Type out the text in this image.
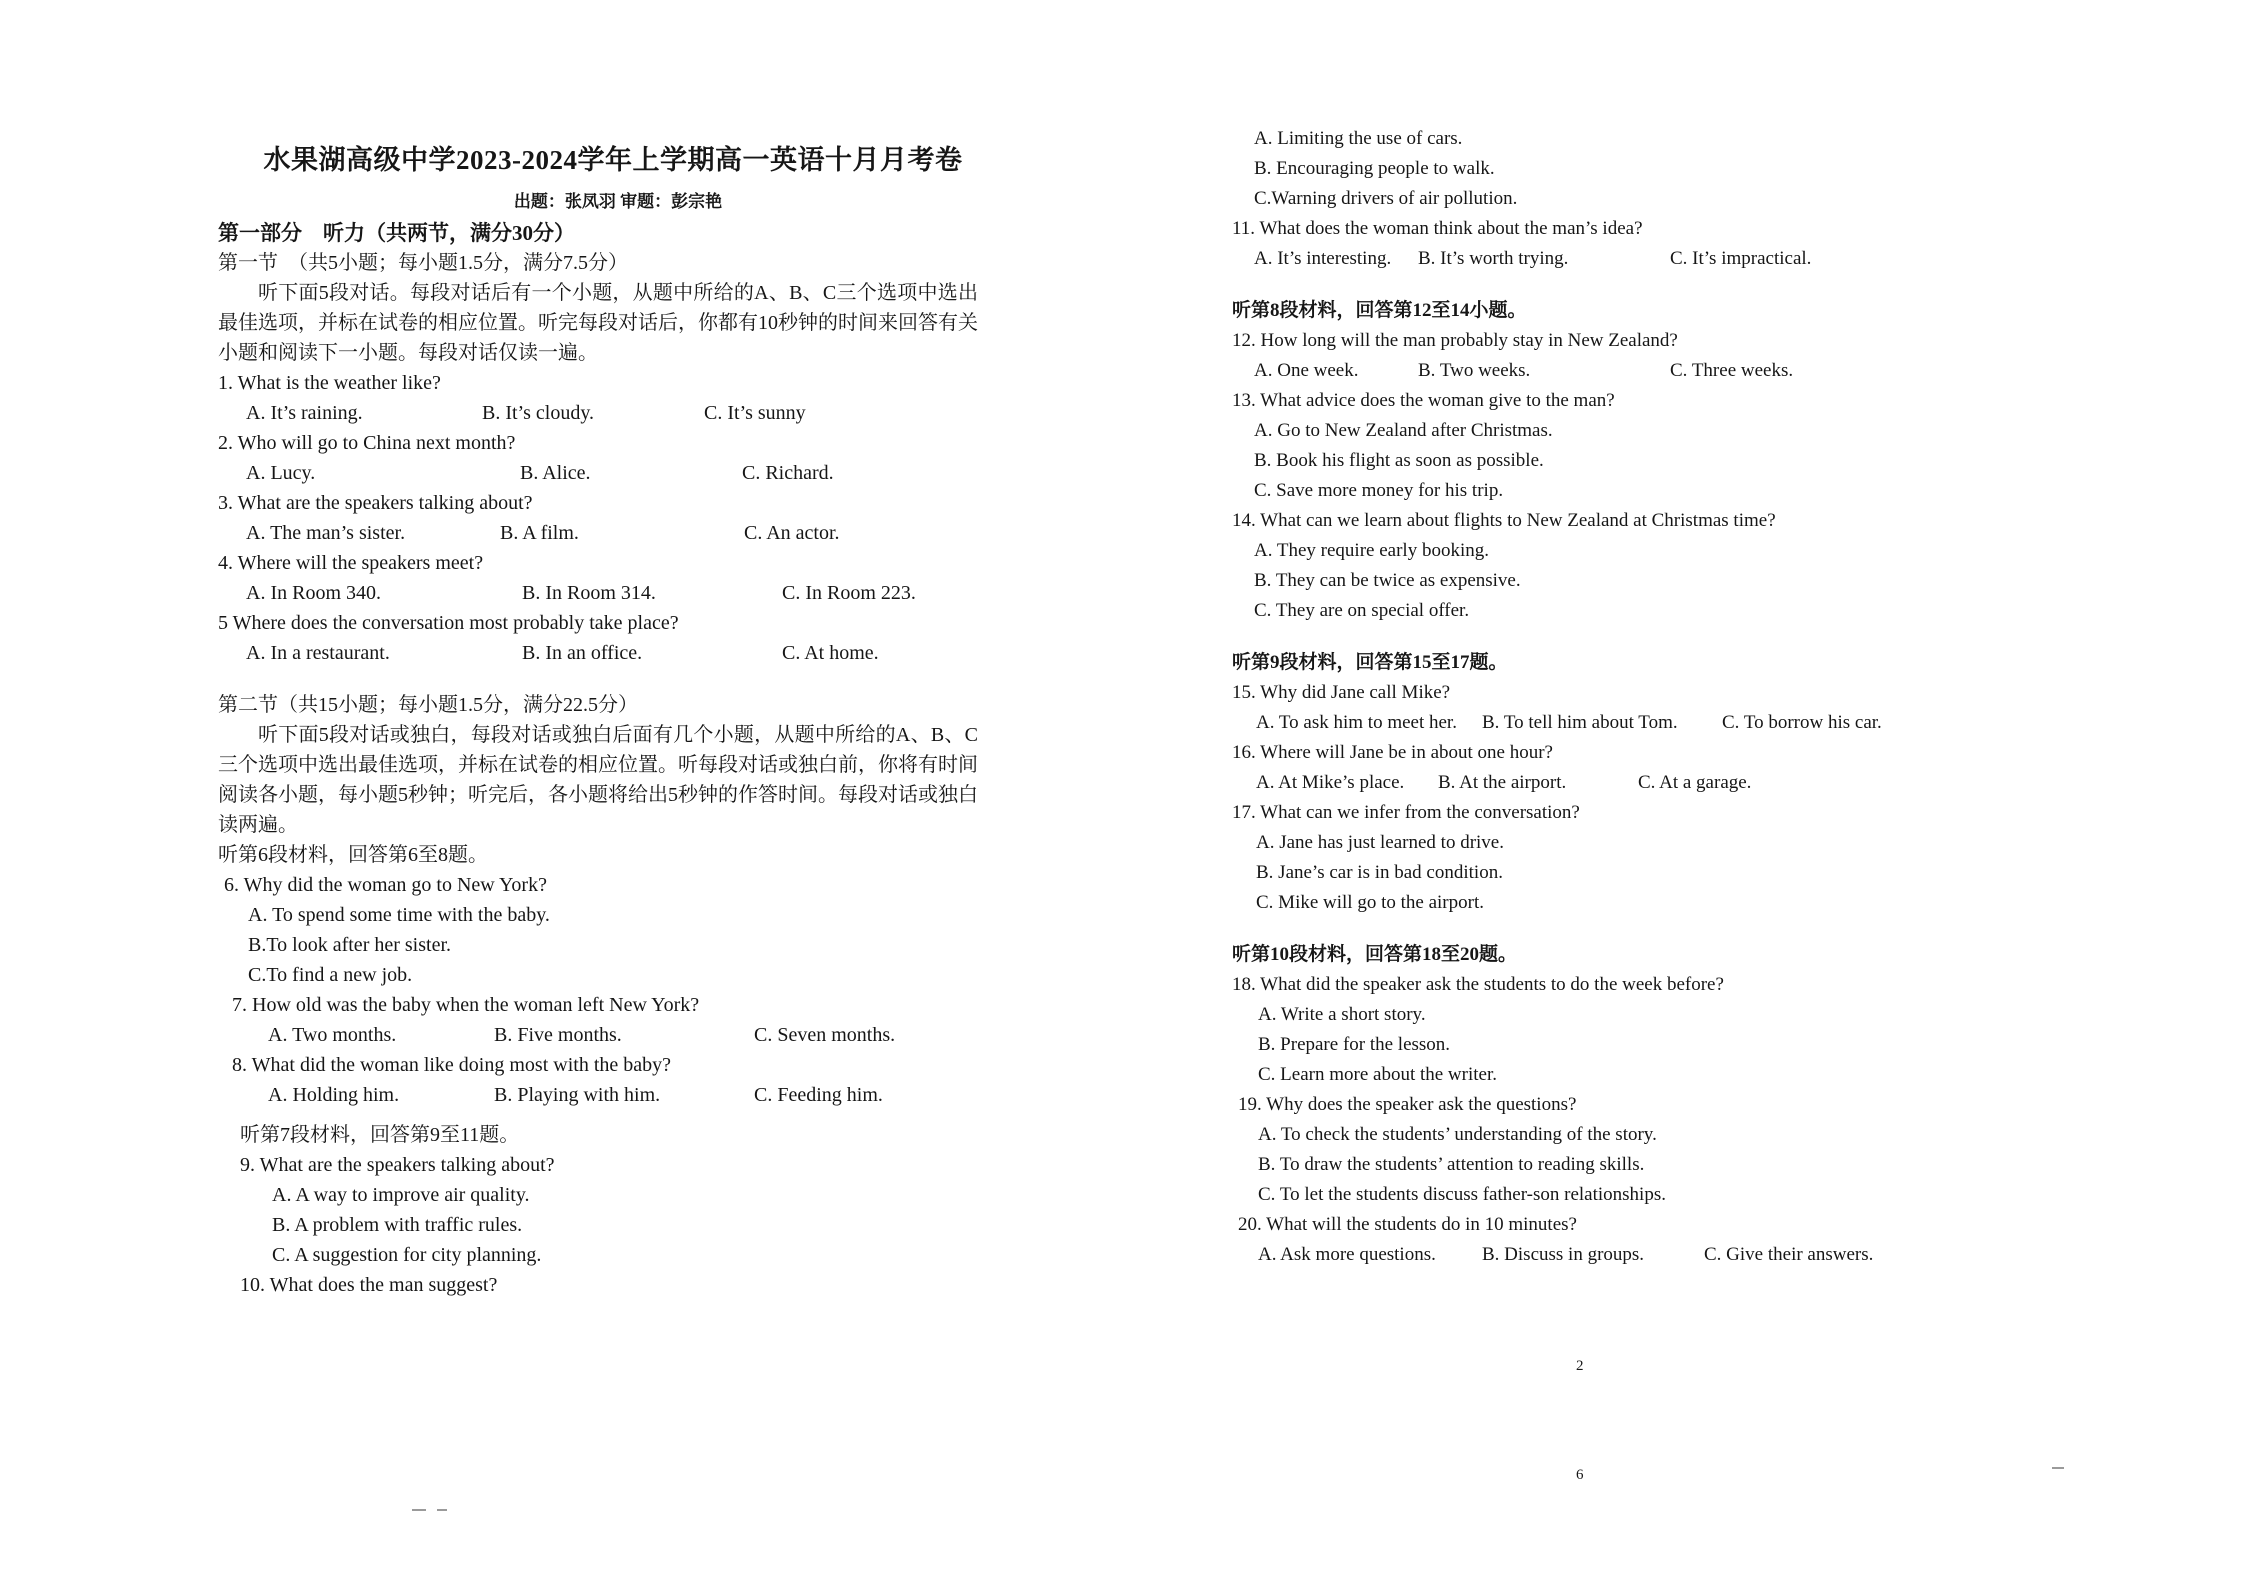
水果湖高级中学2023-2024学年上学期高一英语十月月考卷
出题：张凤羽 审题：彭宗艳
第一部分　听力（共两节，满分30分）
第一节　（共5小题；每小题1.5分，满分7.5分）
听下面5段对话。每段对话后有一个小题，从题中所给的A、B、C三个选项中选出最佳选项，并标在试卷的相应位置。听完每段对话后，你都有10秒钟的时间来回答有关小题和阅读下一小题。每段对话仅读一遍。
1. What is the weather like?
A. It’s raining.	B. It’s cloudy.	C. It’s sunny
2. Who will go to China next month?
A. Lucy.	B. Alice.	C. Richard.
3. What are the speakers talking about?
A. The man’s sister.	B. A film.	C. An actor.
4. Where will the speakers meet?
A. In Room 340.	B. In Room 314.	C. In Room 223.
5 Where does the conversation most probably take place?
A. In a restaurant.	B. In an office.	C. At home.
第二节（共15小题；每小题1.5分，满分22.5分）
听下面5段对话或独白，每段对话或独白后面有几个小题，从题中所给的A、B、C三个选项中选出最佳选项，并标在试卷的相应位置。听每段对话或独白前，你将有时间阅读各小题，每小题5秒钟；听完后，各小题将给出5秒钟的作答时间。每段对话或独白读两遍。
听第6段材料，回答第6至8题。
6. Why did the woman go to New York?
A. To spend some time with the baby.
B.To look after her sister.
C.To find a new job.
7. How old was the baby when the woman left New York?
A. Two months.	B. Five months.	C. Seven months.
8. What did the woman like doing most with the baby?
A. Holding him.	B. Playing with him.	C. Feeding him.
听第7段材料，回答第9至11题。
9. What are the speakers talking about?
A. A way to improve air quality.
B. A problem with traffic rules.
C. A suggestion for city planning.
10. What does the man suggest?
A. Limiting the use of cars.
B. Encouraging people to walk.
C.Warning drivers of air pollution.
11. What does the woman think about the man’s idea?
A. It’s interesting.	B. It’s worth trying.	C. It’s impractical.
听第8段材料，回答第12至14小题。
12. How long will the man probably stay in New Zealand?
A. One week.	B. Two weeks.	C. Three weeks.
13. What advice does the woman give to the man?
A. Go to New Zealand after Christmas.
B. Book his flight as soon as possible.
C. Save more money for his trip.
14. What can we learn about flights to New Zealand at Christmas time?
A. They require early booking.
B. They can be twice as expensive.
C. They are on special offer.
听第9段材料，回答第15至17题。
15. Why did Jane call Mike?
A. To ask him to meet her.	B. To tell him about Tom.	C. To borrow his car.
16. Where will Jane be in about one hour?
A. At Mike’s place.	B. At the airport.	C. At a garage.
17. What can we infer from the conversation?
A. Jane has just learned to drive.
B. Jane’s car is in bad condition.
C. Mike will go to the airport.
听第10段材料，回答第18至20题。
18. What did the speaker ask the students to do the week before?
A. Write a short story.
B. Prepare for the lesson.
C. Learn more about the writer.
19. Why does the speaker ask the questions?
A. To check the students’ understanding of the story.
B. To draw the students’ attention to reading skills.
C. To let the students discuss father-son relationships.
20. What will the students do in 10 minutes?
A. Ask more questions.	B. Discuss in groups.	C. Give their answers.
2
6
